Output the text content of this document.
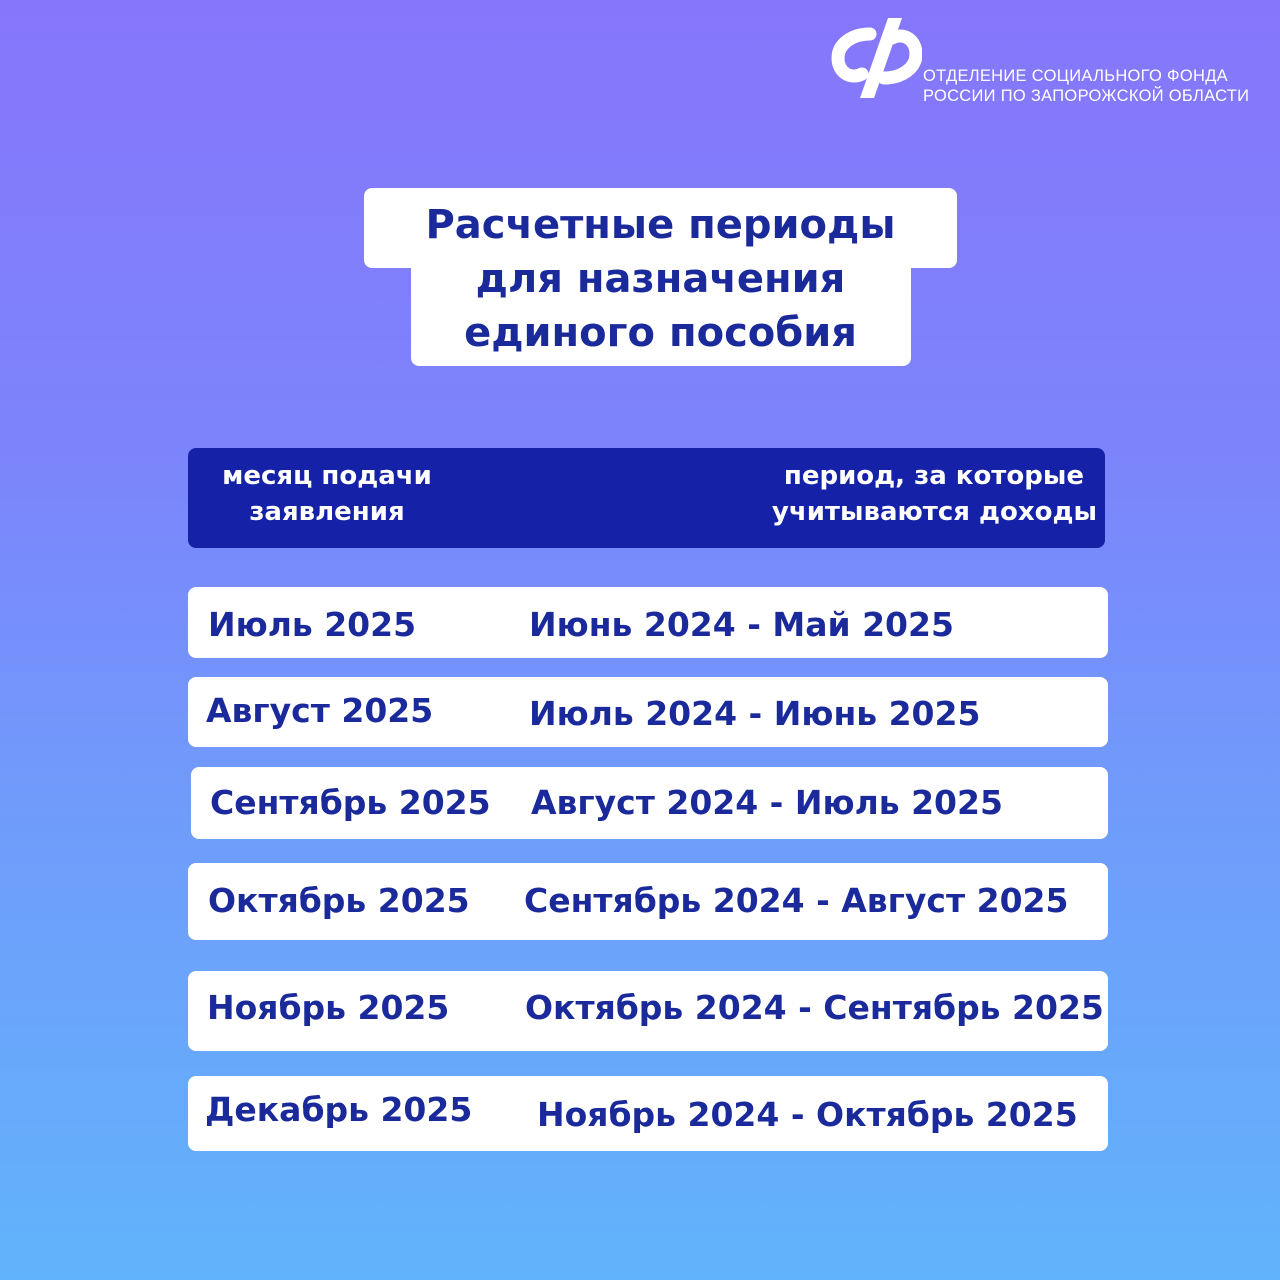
ОТДЕЛЕНИЕ СОЦИАЛЬНОГО ФОНДА
РОССИИ ПО ЗАПОРОЖСКОЙ ОБЛАСТИ
Расчетные периоды
для назначения
единого пособия
месяц подачи
заявления
период, за которые
учитываются доходы
Июль 2025	Июнь 2024 - Май 2025
Август 2025	Июль 2024 - Июнь 2025
Сентябрь 2025 Август 2024 - Июль 2025
Октябрь 2025 Сентябрь 2024 - Август 2025
Ноябрь 2025 Октябрь 2024 - Сентябрь 2025
Декабрь 2025 Ноябрь 2024 - Октябрь 2025
